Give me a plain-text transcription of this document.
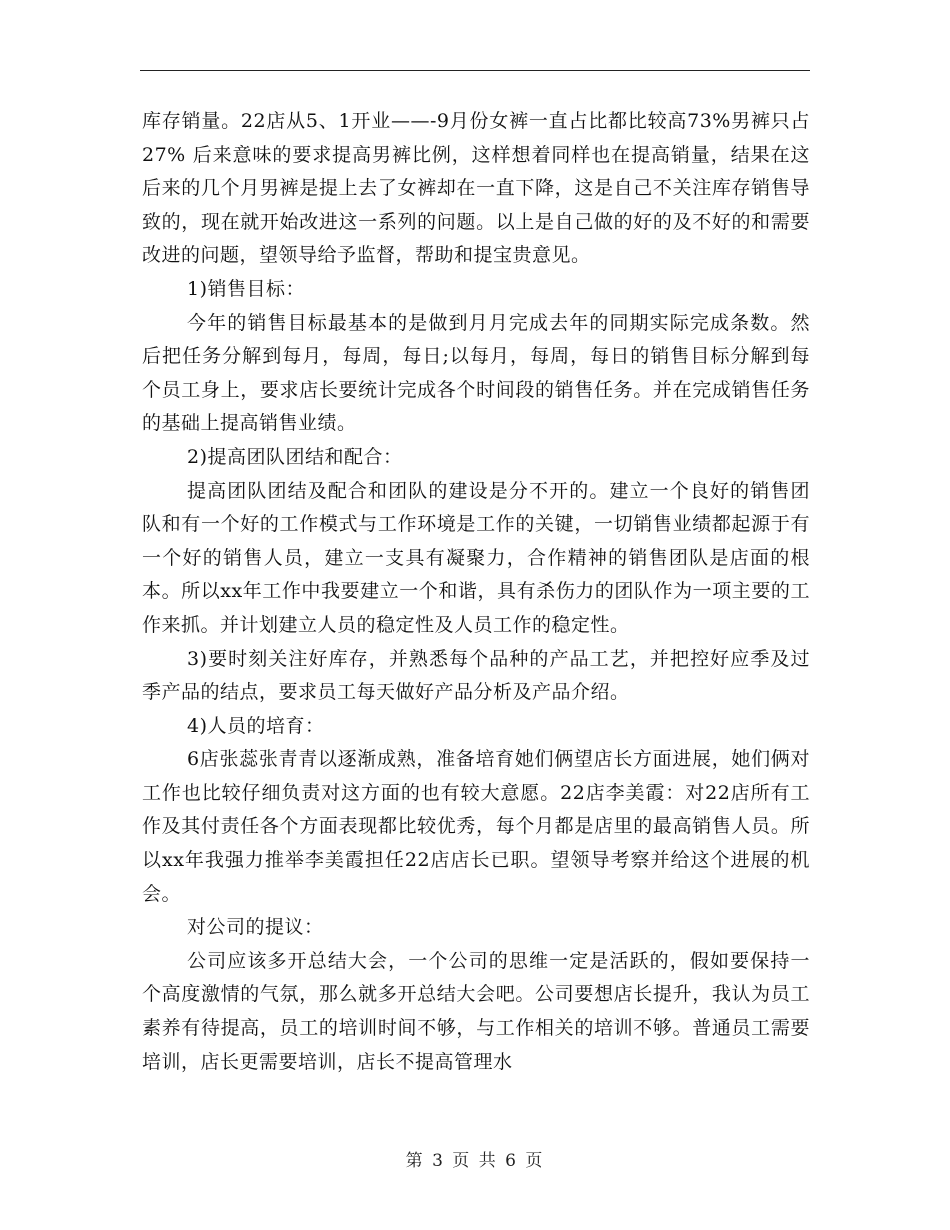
库存销量。22店从5、1开业——-9月份女裤一直占比都比较高73%男裤只占27% 后来意味的要求提高男裤比例，这样想着同样也在提高销量，结果在这后来的几个月男裤是提上去了女裤却在一直下降，这是自己不关注库存销售导致的，现在就开始改进这一系列的问题。以上是自己做的好的及不好的和需要改进的问题，望领导给予监督，帮助和提宝贵意见。

1)销售目标：

今年的销售目标最基本的是做到月月完成去年的同期实际完成条数。然后把任务分解到每月，每周，每日;以每月，每周，每日的销售目标分解到每个员工身上，要求店长要统计完成各个时间段的销售任务。并在完成销售任务的基础上提高销售业绩。

2)提高团队团结和配合：

提高团队团结及配合和团队的建设是分不开的。建立一个良好的销售团队和有一个好的工作模式与工作环境是工作的关键，一切销售业绩都起源于有一个好的销售人员，建立一支具有凝聚力，合作精神的销售团队是店面的根本。所以xx年工作中我要建立一个和谐，具有杀伤力的团队作为一项主要的工作来抓。并计划建立人员的稳定性及人员工作的稳定性。

3)要时刻关注好库存，并熟悉每个品种的产品工艺，并把控好应季及过季产品的结点，要求员工每天做好产品分析及产品介绍。

4)人员的培育：

6店张蕊张青青以逐渐成熟，准备培育她们俩望店长方面进展，她们俩对工作也比较仔细负责对这方面的也有较大意愿。22店李美霞：对22店所有工作及其付责任各个方面表现都比较优秀，每个月都是店里的最高销售人员。所以xx年我强力推举李美霞担任22店店长已职。望领导考察并给这个进展的机会。

对公司的提议：

公司应该多开总结大会，一个公司的思维一定是活跃的，假如要保持一个高度激情的气氛，那么就多开总结大会吧。公司要想店长提升，我认为员工素养有待提高，员工的培训时间不够，与工作相关的培训不够。普通员工需要培训，店长更需要培训，店长不提高管理水

第 3 页 共 6 页
